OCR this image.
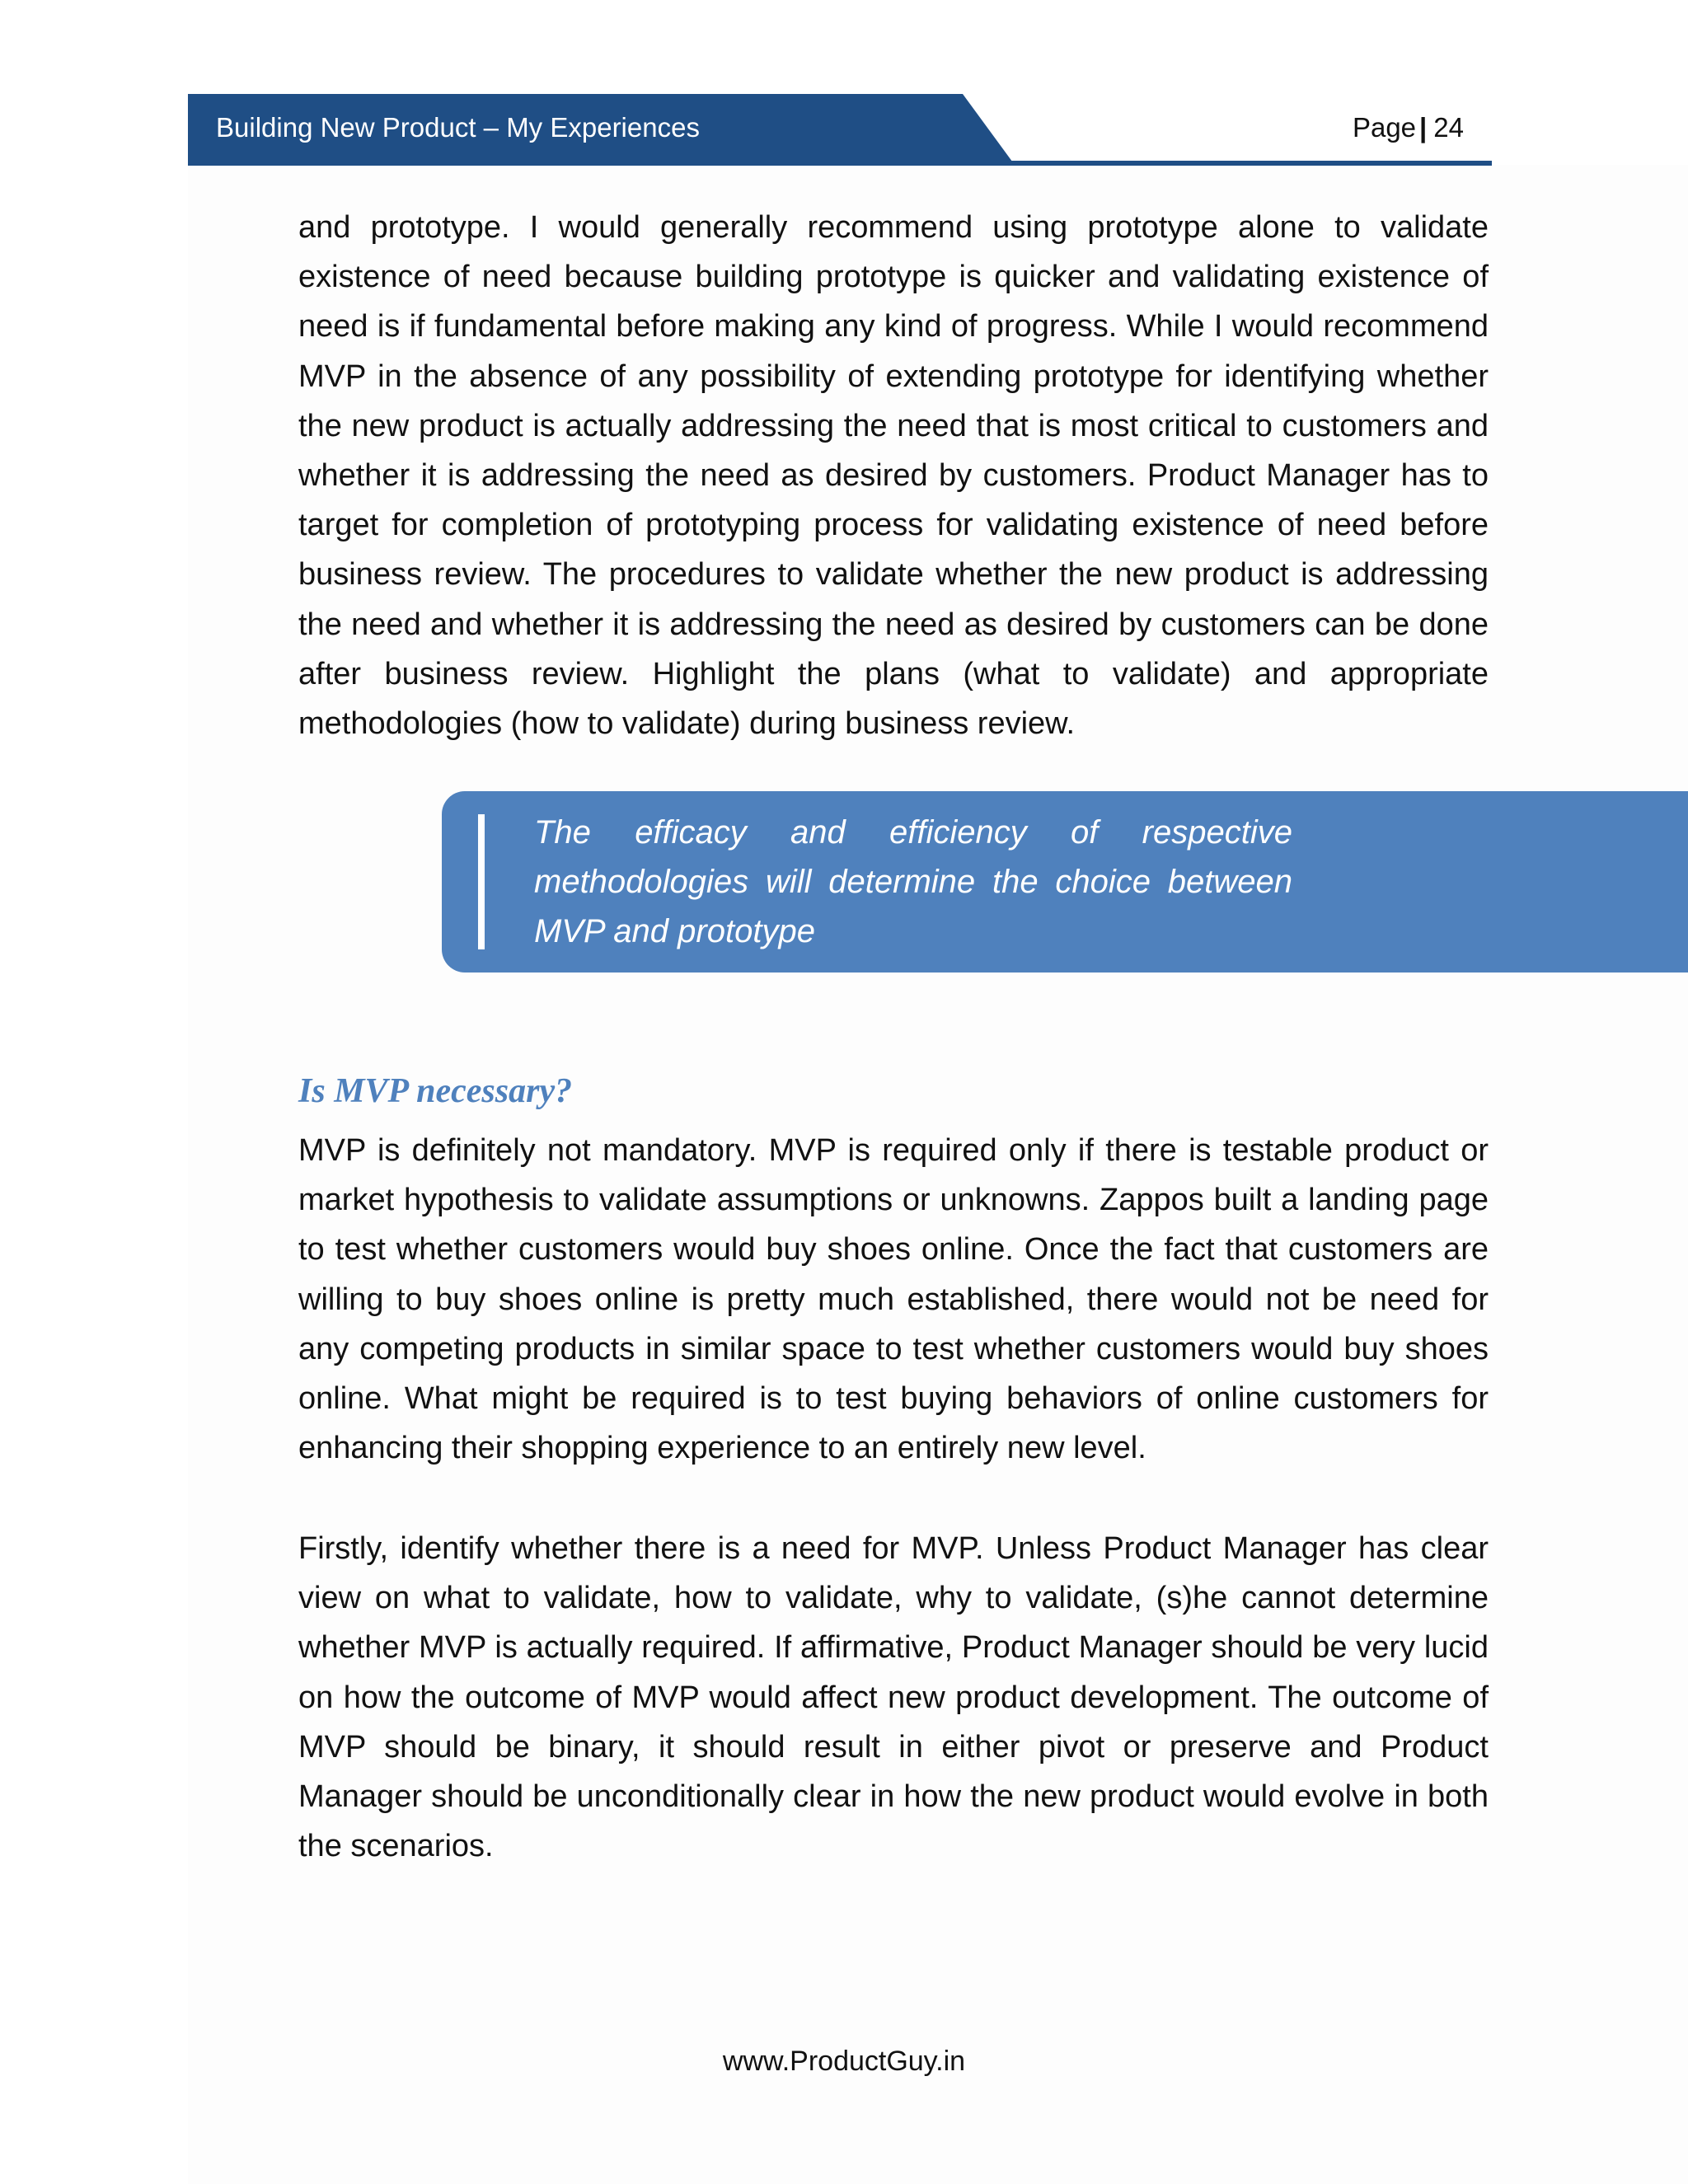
Building New Product – My Experiences	Page | 24

and prototype. I would generally recommend using prototype alone to validate existence of need because building prototype is quicker and validating existence of need is if fundamental before making any kind of progress. While I would recommend MVP in the absence of any possibility of extending prototype for identifying whether the new product is actually addressing the need that is most critical to customers and whether it is addressing the need as desired by customers. Product Manager has to target for completion of prototyping process for validating existence of need before business review. The procedures to validate whether the new product is addressing the need and whether it is addressing the need as desired by customers can be done after business review. Highlight the plans (what to validate) and appropriate methodologies (how to validate) during business review.

The efficacy and efficiency of respective methodologies will determine the choice between MVP and prototype

Is MVP necessary?

MVP is definitely not mandatory. MVP is required only if there is testable product or market hypothesis to validate assumptions or unknowns. Zappos built a landing page to test whether customers would buy shoes online. Once the fact that customers are willing to buy shoes online is pretty much established, there would not be need for any competing products in similar space to test whether customers would buy shoes online. What might be required is to test buying behaviors of online customers for enhancing their shopping experience to an entirely new level.

Firstly, identify whether there is a need for MVP. Unless Product Manager has clear view on what to validate, how to validate, why to validate, (s)he cannot determine whether MVP is actually required. If affirmative, Product Manager should be very lucid on how the outcome of MVP would affect new product development. The outcome of MVP should be binary, it should result in either pivot or preserve and Product Manager should be unconditionally clear in how the new product would evolve in both the scenarios.

www.ProductGuy.in
